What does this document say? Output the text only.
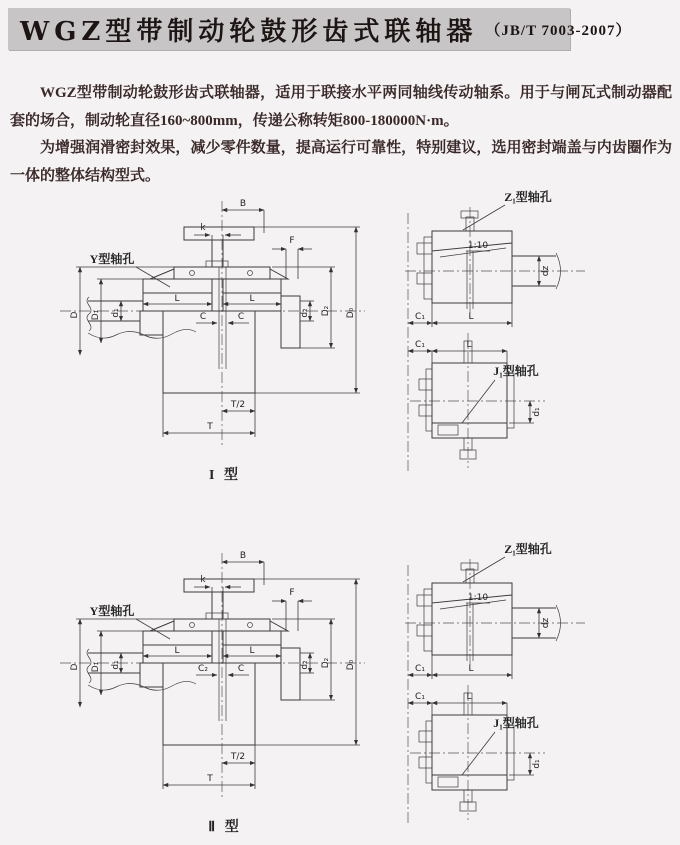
WGZ型带制动轮鼓形齿式联轴器 （JB/T 7003-2007）

WGZ型带制动轮鼓形齿式联轴器，适用于联接水平两同轴线传动轴系。用于与闸瓦式制动器配套的场合，制动轮直径160~800mm，传递公称转矩800-180000N·m。

为增强润滑密封效果，减少零件数量，提高运行可靠性，特别建议，选用密封端盖与内齿圈作为一体的整体结构型式。

B
k
F
Y型轴孔
L	L
C	C
D D₁ d₁	d₂ D₂ D₀
T/2
T
I 型
1:10
dz
C₁	L
Z₁型轴孔
C₁	L
J₁型轴孔
d₁
B
k
F
Y型轴孔
L	L
C₂	C
D D₁ d₁	d₂ D₂ D₀
T/2
T
Ⅱ 型
1:10
dz
C₁	L
Z₁型轴孔
C₁	L
J₁型轴孔
d₁
